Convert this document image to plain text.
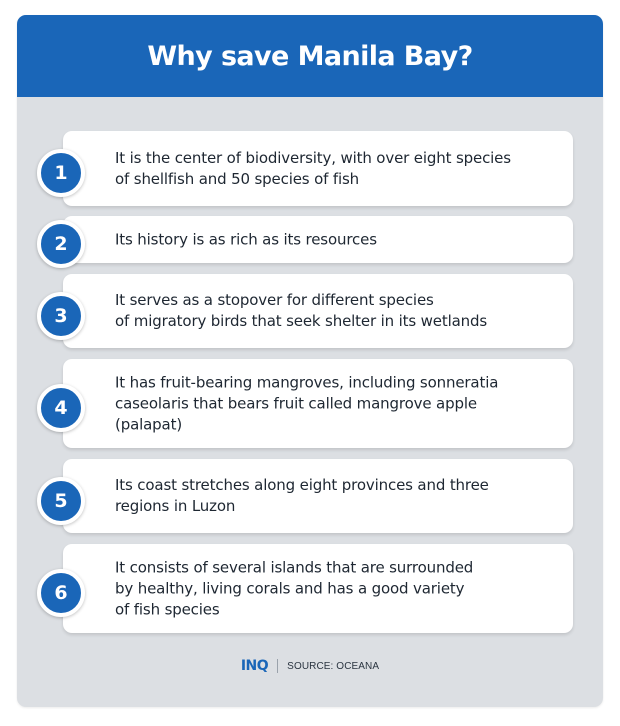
Why save Manila Bay?
It is the center of biodiversity, with over eight species
of shellfish and 50 species of fish
1
Its history is as rich as its resources
2
It serves as a stopover for different species
of migratory birds that seek shelter in its wetlands
3
It has fruit-bearing mangroves, including sonneratia
caseolaris that bears fruit called mangrove apple
(palapat)
4
Its coast stretches along eight provinces and three
regions in Luzon
5
It consists of several islands that are surrounded
by healthy, living corals and has a good variety
of fish species
6
INQ SOURCE: OCEANA
